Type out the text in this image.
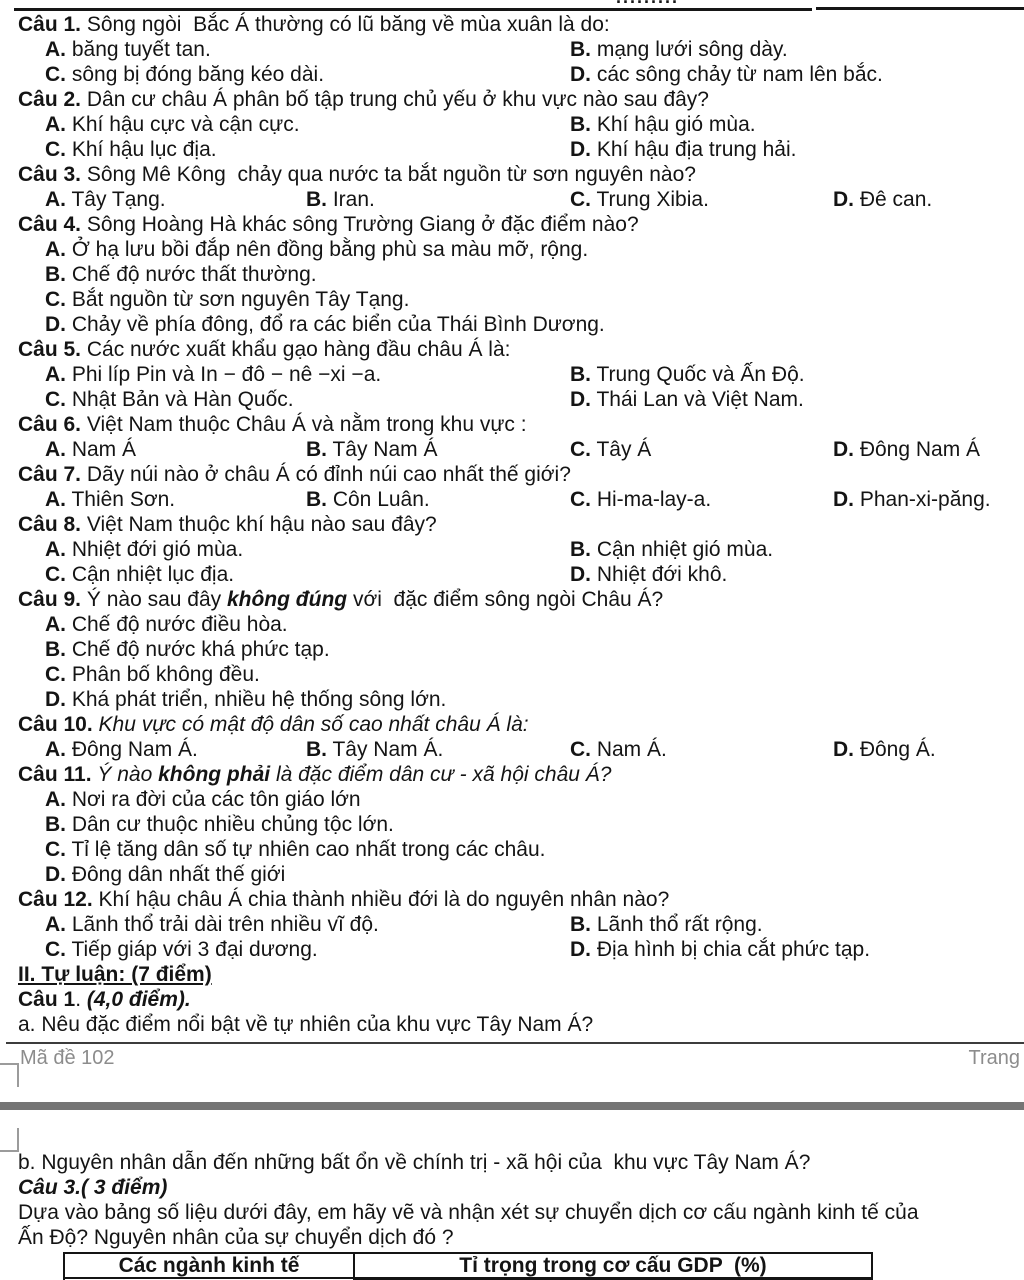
Câu 1. Sông ngòi  Bắc Á thường có lũ băng về mùa xuân là do:
A. băng tuyết tan.	B. mạng lưới sông dày.
C. sông bị đóng băng kéo dài.	D. các sông chảy từ nam lên bắc.
Câu 2. Dân cư châu Á phân bố tập trung chủ yếu ở khu vực nào sau đây?
A. Khí hậu cực và cận cực.	B. Khí hậu gió mùa.
C. Khí hậu lục địa.	D. Khí hậu địa trung hải.
Câu 3. Sông Mê Kông  chảy qua nước ta bắt nguồn từ sơn nguyên nào?
A. Tây Tạng.	B. Iran.	C. Trung Xibia.	D. Đê can.
Câu 4. Sông Hoàng Hà khác sông Trường Giang ở đặc điểm nào?
A. Ở hạ lưu bồi đắp nên đồng bằng phù sa màu mỡ, rộng.
B. Chế độ nước thất thường.
C. Bắt nguồn từ sơn nguyên Tây Tạng.
D. Chảy về phía đông, đổ ra các biển của Thái Bình Dương.
Câu 5. Các nước xuất khẩu gạo hàng đầu châu Á là:
A. Phi líp Pin và In − đô − nê −xi −a.	B. Trung Quốc và Ấn Độ.
C. Nhật Bản và Hàn Quốc.	D. Thái Lan và Việt Nam.
Câu 6. Việt Nam thuộc Châu Á và nằm trong khu vực :
A. Nam Á	B. Tây Nam Á	C. Tây Á	D. Đông Nam Á
Câu 7. Dãy núi nào ở châu Á có đỉnh núi cao nhất thế giới?
A. Thiên Sơn.	B. Côn Luân.	C. Hi-ma-lay-a.	D. Phan-xi-păng.
Câu 8. Việt Nam thuộc khí hậu nào sau đây?
A. Nhiệt đới gió mùa.	B. Cận nhiệt gió mùa.
C. Cận nhiệt lục địa.	D. Nhiệt đới khô.
Câu 9. Ý nào sau đây không đúng với  đặc điểm sông ngòi Châu Á?
A. Chế độ nước điều hòa.
B. Chế độ nước khá phức tạp.
C. Phân bố không đều.
D. Khá phát triển, nhiều hệ thống sông lớn.
Câu 10. Khu vực có mật độ dân số cao nhất châu Á là:
A. Đông Nam Á.	B. Tây Nam Á.	C. Nam Á.	D. Đông Á.
Câu 11. Ý nào không phải là đặc điểm dân cư - xã hội châu Á?
A. Nơi ra đời của các tôn giáo lớn
B. Dân cư thuộc nhiều chủng tộc lớn.
C. Tỉ lệ tăng dân số tự nhiên cao nhất trong các châu.
D. Đông dân nhất thế giới
Câu 12. Khí hậu châu Á chia thành nhiều đới là do nguyên nhân nào?
A. Lãnh thổ trải dài trên nhiều vĩ độ.	B. Lãnh thổ rất rộng.
C. Tiếp giáp với 3 đại dương.	D. Địa hình bị chia cắt phức tạp.
II. Tự luận: (7 điểm)
Câu 1. (4,0 điểm).
a. Nêu đặc điểm nổi bật về tự nhiên của khu vực Tây Nam Á?
Mã đề 102	Trang
b. Nguyên nhân dẫn đến những bất ổn về chính trị - xã hội của  khu vực Tây Nam Á?
Câu 3.( 3 điểm)
Dựa vào bảng số liệu dưới đây, em hãy vẽ và nhận xét sự chuyển dịch cơ cấu ngành kinh tế của
Ấn Độ? Nguyên nhân của sự chuyển dịch đó ?
Các ngành kinh tế	Tỉ trọng trong cơ cấu GDP  (%)
